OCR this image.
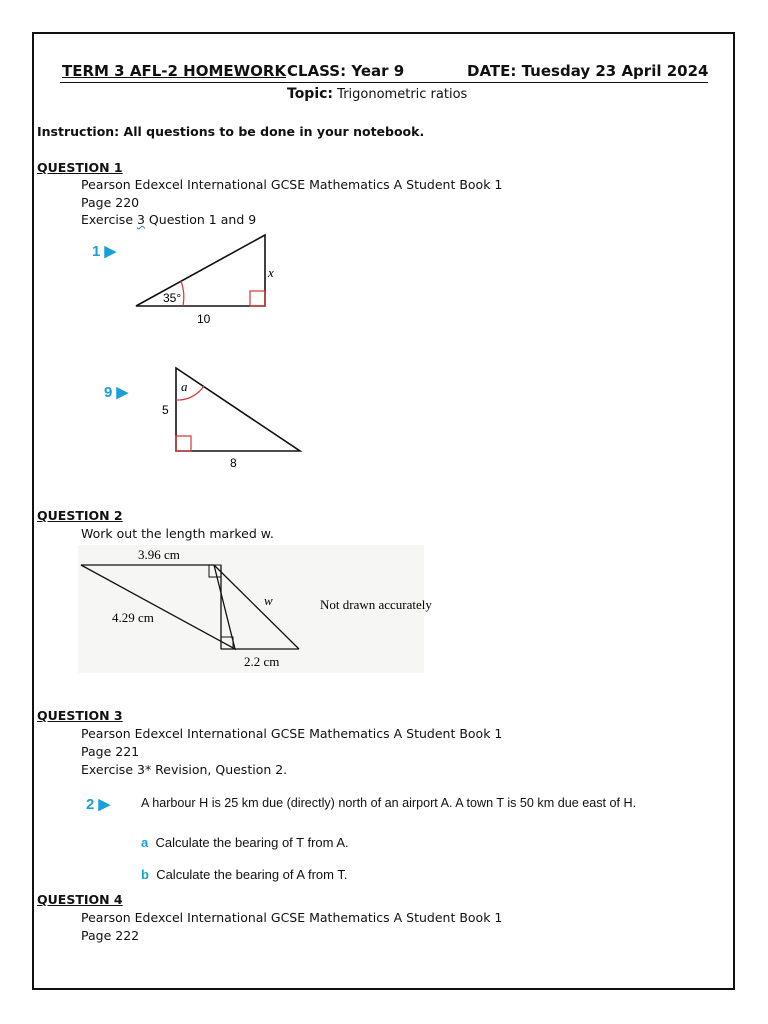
TERM 3 AFL-2 HOMEWORK CLASS: Year 9	DATE: Tuesday 23 April 2024
Topic: Trigonometric ratios
Instruction: All questions to be done in your notebook.
QUESTION 1
Pearson Edexcel International GCSE Mathematics A Student Book 1
Page 220
Exercise 3 Question 1 and 9
1 ▶
35°
x
10
9 ▶	a
5
8
QUESTION 2
Work out the length marked w.
3.96 cm
4.29 cm
w
2.2 cm
Not drawn accurately
QUESTION 3
Pearson Edexcel International GCSE Mathematics A Student Book 1
Page 221
Exercise 3* Revision, Question 2.
2 ▶ A harbour H is 25 km due (directly) north of an airport A. A town T is 50 km due east of H.
a Calculate the bearing of T from A.
b Calculate the bearing of A from T.
QUESTION 4
Pearson Edexcel International GCSE Mathematics A Student Book 1
Page 222
